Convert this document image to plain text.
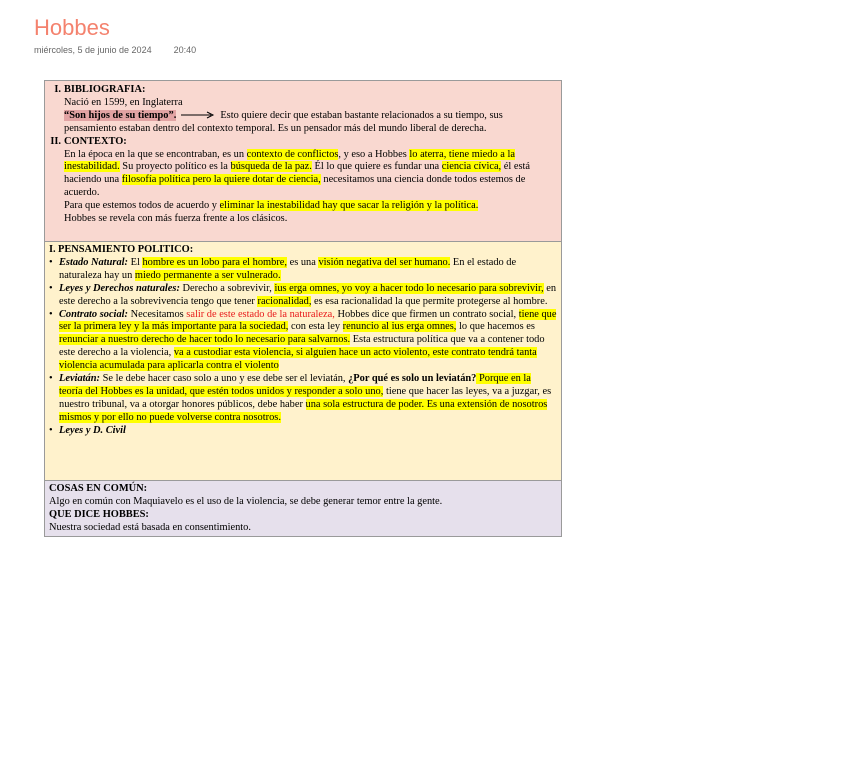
Hobbes
miércoles, 5 de junio de 2024 20:40
I. BIBLIOGRAFIA:
Nació en 1599, en Inglaterra
“Son hijos de su tiempo”.	Esto quiere decir que estaban bastante relacionados a su tiempo, sus pensamiento estaban dentro del contexto temporal. Es un pensador más del mundo liberal de derecha.
II. CONTEXTO:
En la época en la que se encontraban, es un contexto de conflictos, y eso a Hobbes lo aterra, tiene miedo a la inestabilidad. Su proyecto político es la búsqueda de la paz. Él lo que quiere es fundar una ciencia cívica, él está haciendo una filosofía política pero la quiere dotar de ciencia, necesitamos una ciencia donde todos estemos de acuerdo.
Para que estemos todos de acuerdo y eliminar la inestabilidad hay que sacar la religión y la política.
Hobbes se revela con más fuerza frente a los clásicos.
I. PENSAMIENTO POLITICO:
• Estado Natural: El hombre es un lobo para el hombre, es una visión negativa del ser humano. En el estado de naturaleza hay un miedo permanente a ser vulnerado.
• Leyes y Derechos naturales: Derecho a sobrevivir, ius erga omnes, yo voy a hacer todo lo necesario para sobrevivir, en este derecho a la sobrevivencia tengo que tener racionalidad, es esa racionalidad la que permite protegerse al hombre.
• Contrato social: Necesitamos salir de este estado de la naturaleza, Hobbes dice que firmen un contrato social, tiene que ser la primera ley y la más importante para la sociedad, con esta ley renuncio al ius erga omnes, lo que hacemos es renunciar a nuestro derecho de hacer todo lo necesario para salvarnos. Esta estructura política que va a contener todo este derecho a la violencia, va a custodiar esta violencia, si alguien hace un acto violento, este contrato tendrá tanta violencia acumulada para aplicarla contra el violento
• Leviatán: Se le debe hacer caso solo a uno y ese debe ser el leviatán, ¿Por qué es solo un leviatán? Porque en la teoría del Hobbes es la unidad, que estén todos unidos y responder a solo uno, tiene que hacer las leyes, va a juzgar, es nuestro tribunal, va a otorgar honores públicos, debe haber una sola estructura de poder. Es una extensión de nosotros mismos y por ello no puede volverse contra nosotros.
• Leyes y D. Civil
COSAS EN COMÚN:
Algo en común con Maquiavelo es el uso de la violencia, se debe generar temor entre la gente.
QUE DICE HOBBES:
Nuestra sociedad está basada en consentimiento.
